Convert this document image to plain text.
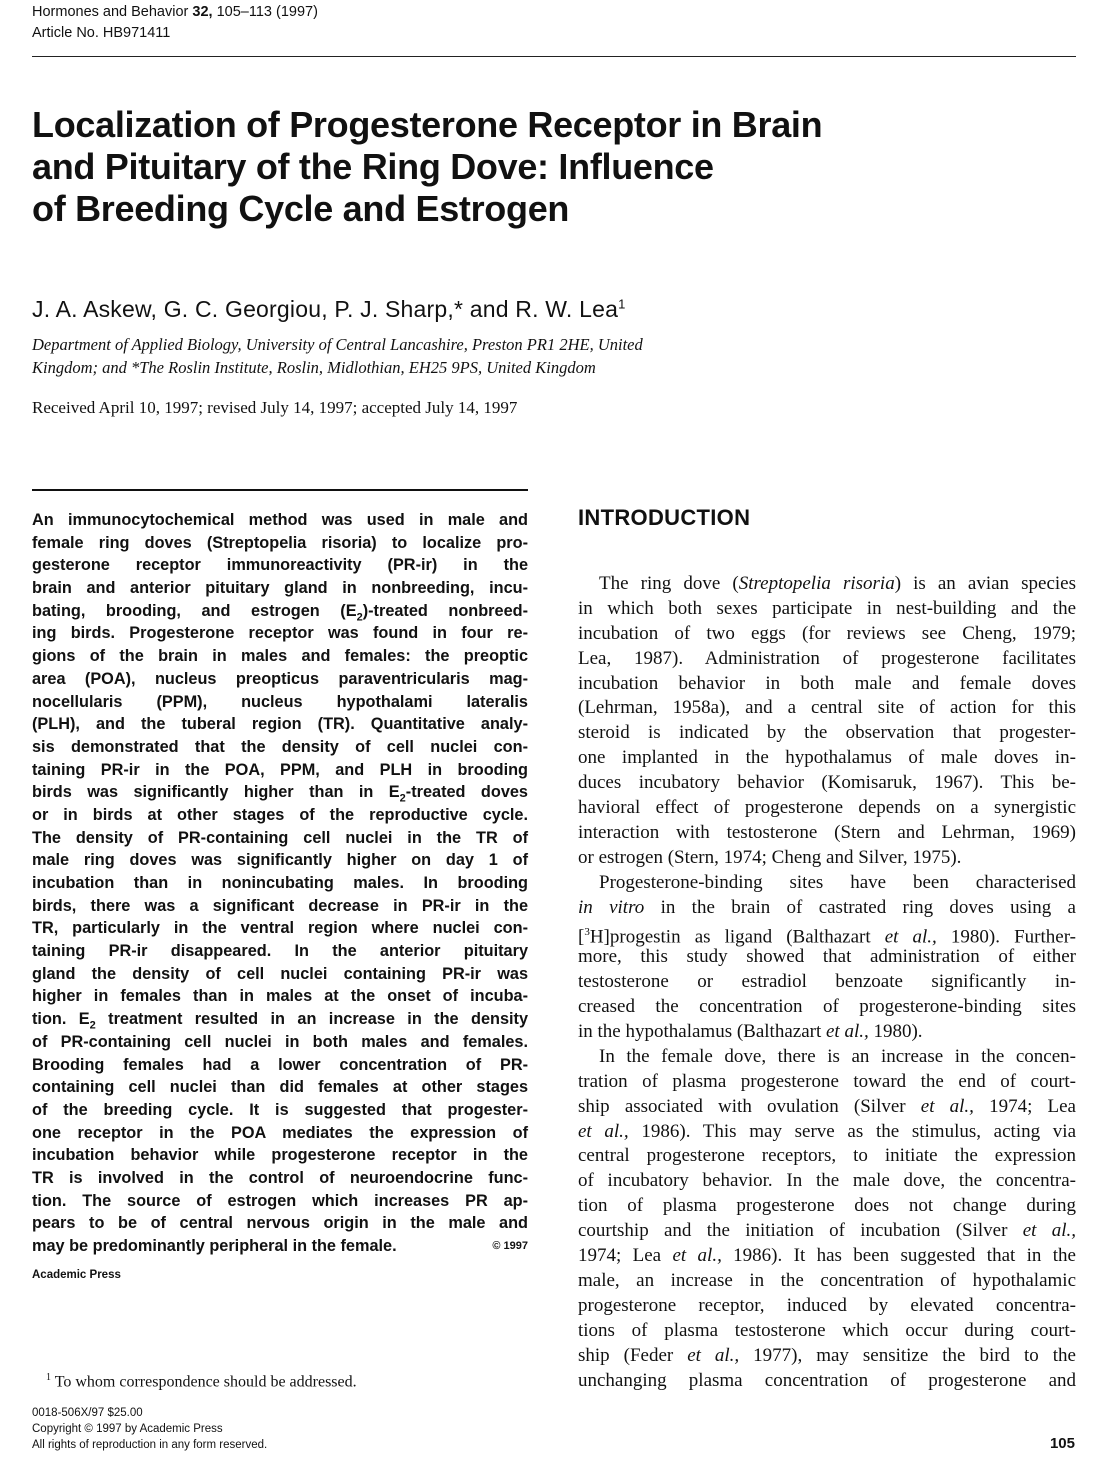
Hormones and Behavior 32, 105–113 (1997)
Article No. HB971411
Localization of Progesterone Receptor in Brain
and Pituitary of the Ring Dove: Influence
of Breeding Cycle and Estrogen
J. A. Askew, G. C. Georgiou, P. J. Sharp,* and R. W. Lea$^1$
Department of Applied Biology, University of Central Lancashire, Preston PR1 2HE, United
Kingdom; and *The Roslin Institute, Roslin, Midlothian, EH25 9PS, United Kingdom
Received April 10, 1997; revised July 14, 1997; accepted July 14, 1997
An immunocytochemical method was used in male and
female ring doves (Streptopelia risoria) to localize pro-
gesterone receptor immunoreactivity (PR-ir) in the
brain and anterior pituitary gland in nonbreeding, incu-
bating, brooding, and estrogen $(E_2)$-treated nonbreed-
ing birds. Progesterone receptor was found in four re-
gions of the brain in males and females: the preoptic
area (POA), nucleus preopticus paraventricularis mag-
nocellularis (PPM), nucleus hypothalami lateralis
(PLH), and the tuberal region (TR). Quantitative analy-
sis demonstrated that the density of cell nuclei con-
taining PR-ir in the POA, PPM, and PLH in brooding
birds was significantly higher than in $E_2$-treated doves
or in birds at other stages of the reproductive cycle.
The density of PR-containing cell nuclei in the TR of
male ring doves was significantly higher on day 1 of
incubation than in nonincubating males. In brooding
birds, there was a significant decrease in PR-ir in the
TR, particularly in the ventral region where nuclei con-
taining PR-ir disappeared. In the anterior pituitary
gland the density of cell nuclei containing PR-ir was
higher in females than in males at the onset of incuba-
tion. $E_2$ treatment resulted in an increase in the density
of PR-containing cell nuclei in both males and females.
Brooding females had a lower concentration of PR-
containing cell nuclei than did females at other stages
of the breeding cycle. It is suggested that progester-
one receptor in the POA mediates the expression of
incubation behavior while progesterone receptor in the
TR is involved in the control of neuroendocrine func-
tion. The source of estrogen which increases PR ap-
pears to be of central nervous origin in the male and
may be predominantly peripheral in the female.	© 1997
Academic Press
$^1$ To whom correspondence should be addressed.
0018-506X/97 $25.00
Copyright © 1997 by Academic Press
All rights of reproduction in any form reserved.	105
INTRODUCTION
The ring dove (Streptopelia risoria) is an avian species
in which both sexes participate in nest-building and the
incubation of two eggs (for reviews see Cheng, 1979;
Lea, 1987). Administration of progesterone facilitates
incubation behavior in both male and female doves
(Lehrman, 1958a), and a central site of action for this
steroid is indicated by the observation that progester-
one implanted in the hypothalamus of male doves in-
duces incubatory behavior (Komisaruk, 1967). This be-
havioral effect of progesterone depends on a synergistic
interaction with testosterone (Stern and Lehrman, 1969)
or estrogen (Stern, 1974; Cheng and Silver, 1975).
Progesterone-binding sites have been characterised
in vitro in the brain of castrated ring doves using a
[$^3$H]progestin as ligand (Balthazart et al., 1980). Further-
more, this study showed that administration of either
testosterone or estradiol benzoate significantly in-
creased the concentration of progesterone-binding sites
in the hypothalamus (Balthazart et al., 1980).
In the female dove, there is an increase in the concen-
tration of plasma progesterone toward the end of court-
ship associated with ovulation (Silver et al., 1974; Lea
et al., 1986). This may serve as the stimulus, acting via
central progesterone receptors, to initiate the expression
of incubatory behavior. In the male dove, the concentra-
tion of plasma progesterone does not change during
courtship and the initiation of incubation (Silver et al.,
1974; Lea et al., 1986). It has been suggested that in the
male, an increase in the concentration of hypothalamic
progesterone receptor, induced by elevated concentra-
tions of plasma testosterone which occur during court-
ship (Feder et al., 1977), may sensitize the bird to the
unchanging plasma concentration of progesterone and
